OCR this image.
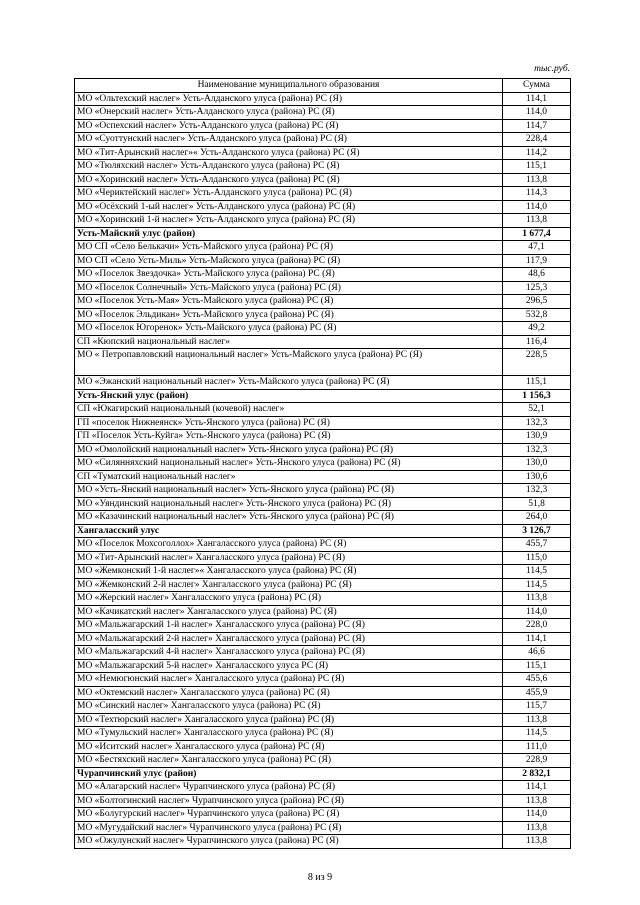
тыс.руб.
Наименование муниципального образования	Сумма
МО «Ольтехский наслег» Усть-Алданского улуса (района) РС (Я)	114,1
МО «Онерский наслег» Усть-Алданского улуса (района) РС (Я)	114,0
МО «Оспехский наслег» Усть-Алданского улуса (района) РС (Я)	114,7
МО «Суоттунский наслег» Усть-Алданского улуса (района) РС (Я)	228,4
МО «Тит-Арынский наслег»« Усть-Алданского улуса (района) РС (Я)	114,2
МО «Тюляхский наслег» Усть-Алданского улуса (района) РС (Я)	115,1
МО «Хоринский наслег» Усть-Алданского улуса (района) РС (Я)	113,8
МО «Чериктейский наслег» Усть-Алданского улуса (района) РС (Я)	114,3
МО «Осёхский 1-ый наслег» Усть-Алданского улуса (района) РС (Я)	114,0
МО «Хоринский 1-й наслег» Усть-Алданского улуса (района) РС (Я)	113,8
Усть-Майский улус (район)	1 677,4
МО СП «Село Белькачи» Усть-Майского улуса (района) РС (Я)	47,1
МО СП «Село Усть-Миль» Усть-Майского улуса (района) РС (Я)	117,9
МО «Поселок Звездочка» Усть-Майского улуса (района) РС (Я)	48,6
МО «Поселок Солнечный» Усть-Майского улуса (района) РС (Я)	125,3
МО «Поселок Усть-Мая» Усть-Майского улуса (района) РС (Я)	296,5
МО «Поселок Эльдикан» Усть-Майского улуса (района) РС (Я)	532,8
МО «Поселок Югоренок» Усть-Майского улуса (района) РС (Я)	49,2
СП «Кюпский национальный наслег»	116,4
МО « Петропавловский национальный наслег» Усть-Майского улуса (района) РС (Я)	228,5
МО «Эжанский национальный наслег» Усть-Майского улуса (района) РС (Я)	115,1
Усть-Янский улус (район)	1 156,3
СП «Юкагирский национальный (кочевой) наслег»	52,1
ГП «поселок Нижнеянск» Усть-Янского улуса (района) РС (Я)	132,3
ГП «Поселок Усть-Куйга» Усть-Янского улуса (района) РС (Я)	130,9
МО «Омолойский национальный наслег» Усть-Янского улуса (района) РС (Я)	132,3
МО «Силянняхский национальный наслег» Усть-Янского улуса (района) РС (Я)	130,0
СП «Туматский национальный наслег»	130,6
МО «Усть-Янский национальный наслег» Усть-Янского улуса (района) РС (Я)	132,3
МО «Уяндинский национальный наслег» Усть-Янского улуса (района) РС (Я)	51,8
МО «Казачинский национальный наслег» Усть-Янского улуса (района) РС (Я)	264,0
Хангаласский улус	3 126,7
МО «Поселок Мохсоголлох» Хангаласского улуса (района) РС (Я)	455,7
МО «Тит-Арынский наслег» Хангаласского улуса (района) РС (Я)	115,0
МО «Жемконский 1-й наслег»« Хангаласского улуса (района) РС (Я)	114,5
МО «Жемконский 2-й наслег» Хангаласского улуса (района) РС (Я)	114,5
МО «Жерский наслег» Хангаласского улуса (района) РС (Я)	113,8
МО «Качикатский наслег» Хангаласского улуса (района) РС (Я)	114,0
МО «Мальжагарский 1-й наслег» Хангаласского улуса (района) РС (Я)	228,0
МО «Мальжагарский 2-й наслег» Хангаласского улуса (района) РС (Я)	114,1
МО «Мальжагарский 4-й наслег» Хангаласского улуса (района) РС (Я)	46,6
МО «Мальжагарский 5-й наслег» Хангаласского улуса РС (Я)	115,1
МО «Немюгюнский наслег» Хангаласского улуса (района) РС (Я)	455,6
МО «Октемский наслег» Хангаласского улуса (района) РС (Я)	455,9
МО «Синский наслег» Хангаласского улуса (района) РС (Я)	115,7
МО «Техтюрский наслег» Хангаласского улуса (района) РС (Я)	113,8
МО «Тумульский наслег» Хангаласского улуса (района) РС (Я)	114,5
МО «Иситский наслег» Хангаласского улуса (района) РС (Я)	111,0
МО «Бестяхский наслег» Хангаласского улуса (района) РС (Я)	228,9
Чурапчинский улус (район)	2 832,1
МО «Алагарский наслег» Чурапчинского улуса (района) РС (Я)	114,1
МО «Болтогинский наслег» Чурапчинского улуса (района) РС (Я)	113,8
МО «Болугурский наслег» Чурапчинского улуса (района) РС (Я)	114,0
МО «Мугудайский наслег» Чурапчинского улуса (района) РС (Я)	113,8
МО «Ожулунский наслег» Чурапчинского улуса (района) РС (Я)	113,8
8 из 9
